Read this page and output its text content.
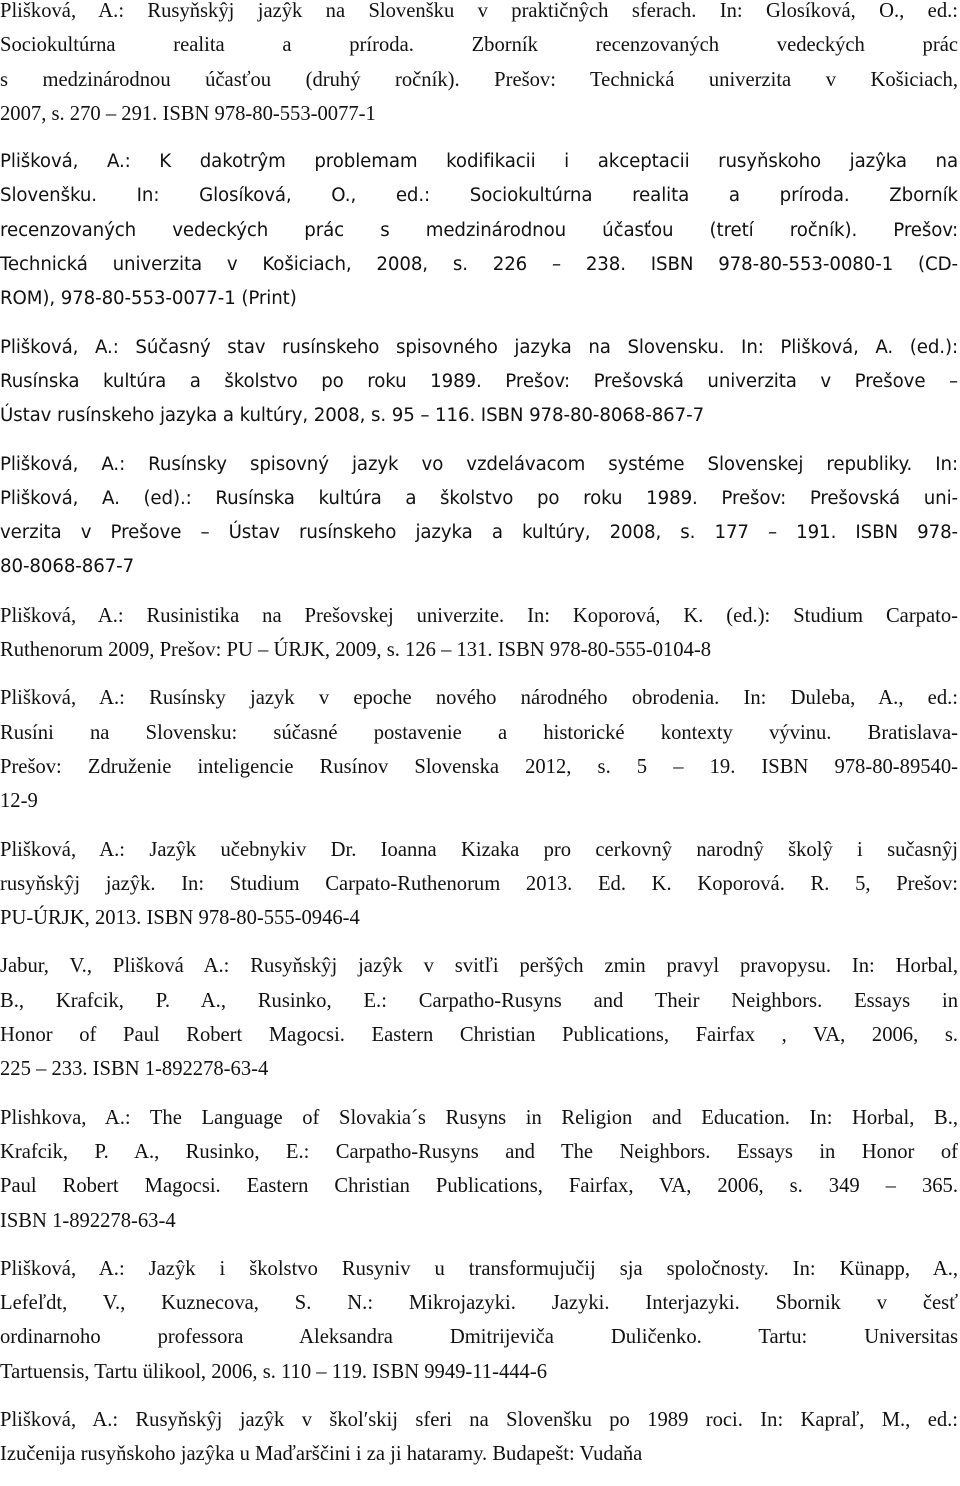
Plišková, A.: Rusyňskŷj jazŷk na Slovenšku v praktičnŷch sferach. In: Glosíková, O., ed.:
Sociokultúrna realita a príroda. Zborník recenzovaných vedeckých prác
s medzinárodnou účasťou (druhý ročník). Prešov: Technická univerzita v Košiciach,
2007, s. 270 – 291. ISBN 978-80-553-0077-1
Plišková, A.: K dakotrŷm problemam kodifikacii i akceptacii rusyňskoho jazŷka na
Slovenšku. In: Glosíková, O., ed.: Sociokultúrna realita a príroda. Zborník
recenzovaných vedeckých prác s medzinárodnou účasťou (tretí ročník). Prešov:
Technická univerzita v Košiciach, 2008, s. 226 – 238. ISBN 978-80-553-0080-1 (CD-
ROM), 978-80-553-0077-1 (Print)
Plišková, A.: Súčasný stav rusínskeho spisovného jazyka na Slovensku. In: Plišková, A. (ed.):
Rusínska kultúra a školstvo po roku 1989. Prešov: Prešovská univerzita v Prešove –
Ústav rusínskeho jazyka a kultúry, 2008, s. 95 – 116. ISBN 978-80-8068-867-7
Plišková, A.: Rusínsky spisovný jazyk vo vzdelávacom systéme Slovenskej republiky. In:
Plišková, A. (ed).: Rusínska kultúra a školstvo po roku 1989. Prešov: Prešovská uni-
verzita v Prešove – Ústav rusínskeho jazyka a kultúry, 2008, s. 177 – 191. ISBN 978-
80-8068-867-7
Plišková, A.: Rusinistika na Prešovskej univerzite. In: Koporová, K. (ed.): Studium Carpato-
Ruthenorum 2009, Prešov: PU – ÚRJK, 2009, s. 126 – 131. ISBN 978-80-555-0104-8
Plišková, A.: Rusínsky jazyk v epoche nového národného obrodenia. In: Duleba, A., ed.:
Rusíni na Slovensku: súčasné postavenie a historické kontexty vývinu. Bratislava-
Prešov: Združenie inteligencie Rusínov Slovenska 2012, s. 5 – 19. ISBN 978-80-89540-
12-9
Plišková, A.: Jazŷk učebnykiv Dr. Ioanna Kizaka pro cerkovnŷ narodnŷ školŷ i sučasnŷj
rusyňskŷj jazŷk. In: Studium Carpato-Ruthenorum 2013. Ed. K. Koporová. R. 5, Prešov:
PU-ÚRJK, 2013. ISBN 978-80-555-0946-4
Jabur, V., Plišková A.: Rusyňskŷj jazŷk v svitľi peršŷch zmin pravyl pravopysu. In: Horbal,
B., Krafcik, P. A., Rusinko, E.: Carpatho-Rusyns and Their Neighbors. Essays in
Honor of Paul Robert Magocsi. Eastern Christian Publications, Fairfax , VA, 2006, s.
225 – 233. ISBN 1-892278-63-4
Plishkova, A.: The Language of Slovakia´s Rusyns in Religion and Education. In: Horbal, B.,
Krafcik, P. A., Rusinko, E.: Carpatho-Rusyns and The Neighbors. Essays in Honor of
Paul Robert Magocsi. Eastern Christian Publications, Fairfax, VA, 2006, s. 349 – 365.
ISBN 1-892278-63-4
Plišková, A.: Jazŷk i školstvo Rusyniv u transformujučij sja spoločnosty. In: Künapp, A.,
Lefeľdt, V., Kuznecova, S. N.: Mikrojazyki. Jazyki. Interjazyki. Sbornik v česť
ordinarnoho professora Aleksandra Dmitrijeviča Duličenko. Tartu: Universitas
Tartuensis, Tartu ülikool, 2006, s. 110 – 119. ISBN 9949-11-444-6
Plišková, A.: Rusyňskŷj jazŷk v školʹskij sferi na Slovenšku po 1989 roci. In: Kapraľ, M., ed.:
Izučenija rusyňskoho jazŷka u Maďarščini i za ji hataramy. Budapešt: Vudaňa
